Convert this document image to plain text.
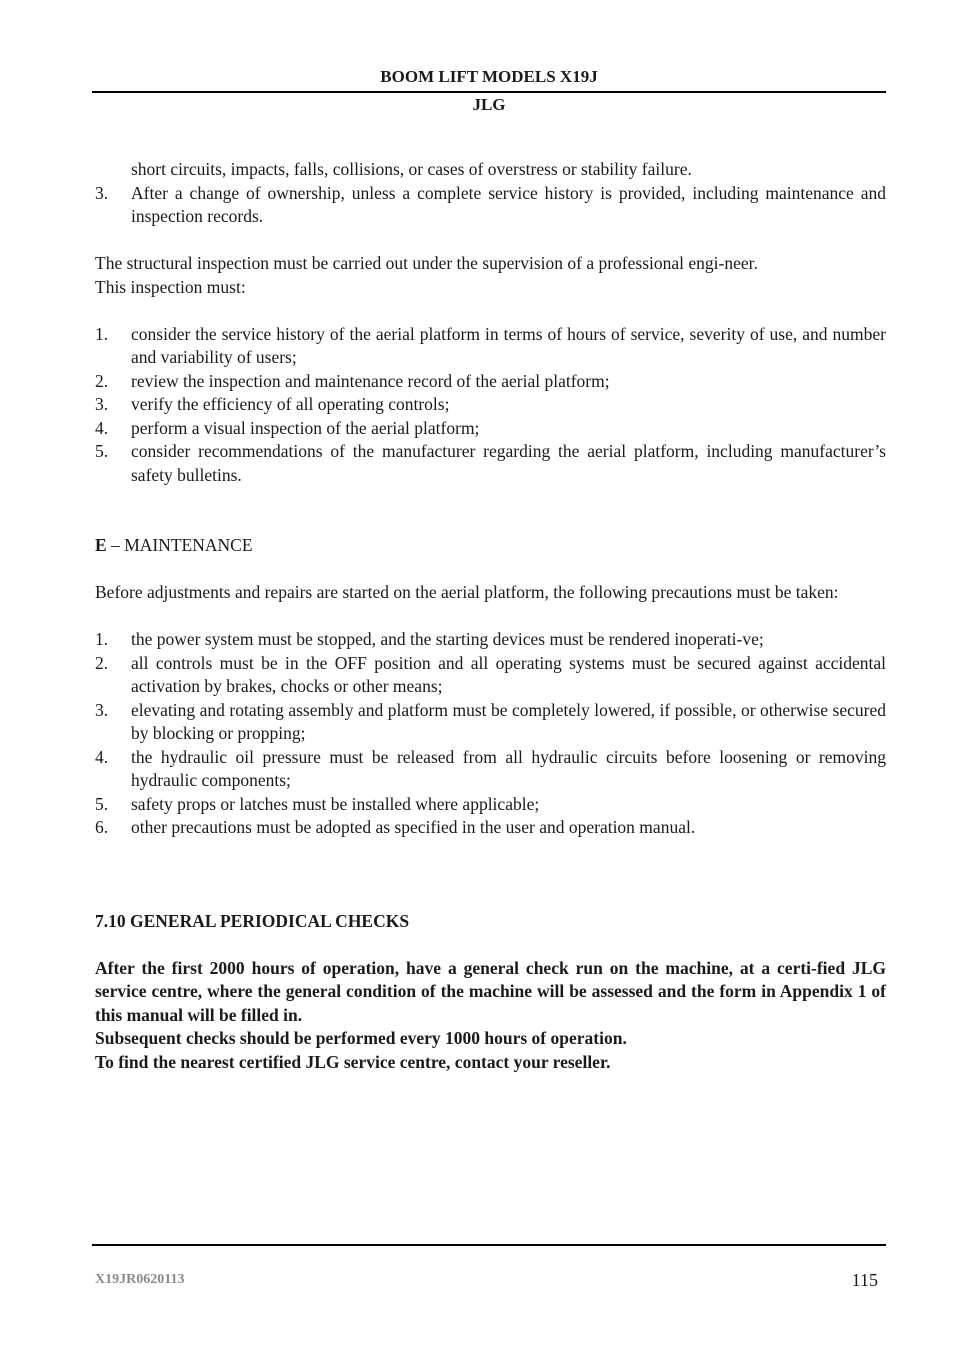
BOOM LIFT MODELS X19J
JLG

short circuits, impacts, falls, collisions, or cases of overstress or stability failure.

3. After a change of ownership, unless a complete service history is provided, including maintenance and inspection records.

The structural inspection must be carried out under the supervision of a professional engi-neer.

This inspection must:

1. consider the service history of the aerial platform in terms of hours of service, severity of use, and number and variability of users;
2. review the inspection and maintenance record of the aerial platform;
3. verify the efficiency of all operating controls;
4. perform a visual inspection of the aerial platform;
5. consider recommendations of the manufacturer regarding the aerial platform, including manufacturer’s safety bulletins.

E – MAINTENANCE

Before adjustments and repairs are started on the aerial platform, the following precautions must be taken:

1. the power system must be stopped, and the starting devices must be rendered inoperati-ve;
2. all controls must be in the OFF position and all operating systems must be secured against accidental activation by brakes, chocks or other means;
3. elevating and rotating assembly and platform must be completely lowered, if possible, or otherwise secured by blocking or propping;
4. the hydraulic oil pressure must be released from all hydraulic circuits before loosening or removing hydraulic components;
5. safety props or latches must be installed where applicable;
6. other precautions must be adopted as specified in the user and operation manual.

7.10 GENERAL PERIODICAL CHECKS

After the first 2000 hours of operation, have a general check run on the machine, at a certi-fied JLG service centre, where the general condition of the machine will be assessed and the form in Appendix 1 of this manual will be filled in.

Subsequent checks should be performed every 1000 hours of operation.

To find the nearest certified JLG service centre, contact your reseller.

X19JR0620113	115
